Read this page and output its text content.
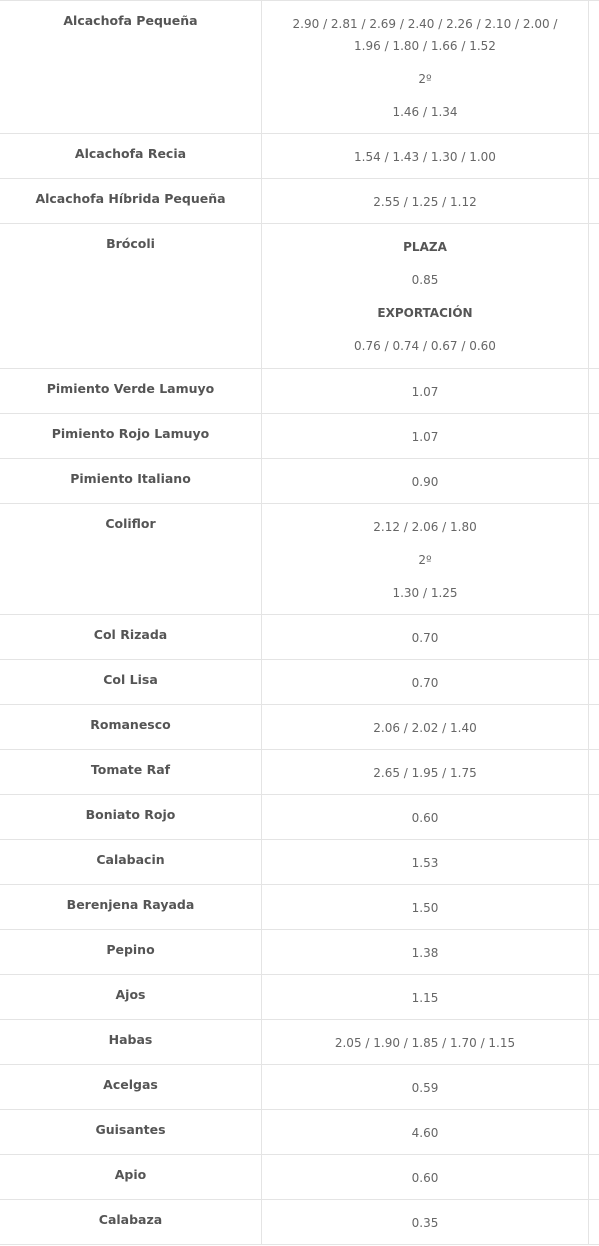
Alcachofa Pequeña	2.90 / 2.81 / 2.69 / 2.40 / 2.26 / 2.10 / 2.00 / 1.96 / 1.80 / 1.66 / 1.52
2º
1.46 / 1.34
Alcachofa Recia	1.54 / 1.43 / 1.30 / 1.00
Alcachofa Híbrida Pequeña	2.55 / 1.25 / 1.12
Brócoli	PLAZA
0.85
EXPORTACIÓN
0.76 / 0.74 / 0.67 / 0.60
Pimiento Verde Lamuyo	1.07
Pimiento Rojo Lamuyo	1.07
Pimiento Italiano	0.90
Coliflor	2.12 / 2.06 / 1.80
2º
1.30 / 1.25
Col Rizada	0.70
Col Lisa	0.70
Romanesco	2.06 / 2.02 / 1.40
Tomate Raf	2.65 / 1.95 / 1.75
Boniato Rojo	0.60
Calabacin	1.53
Berenjena Rayada	1.50
Pepino	1.38
Ajos	1.15
Habas	2.05 / 1.90 / 1.85 / 1.70 / 1.15
Acelgas	0.59
Guisantes	4.60
Apio	0.60
Calabaza	0.35
